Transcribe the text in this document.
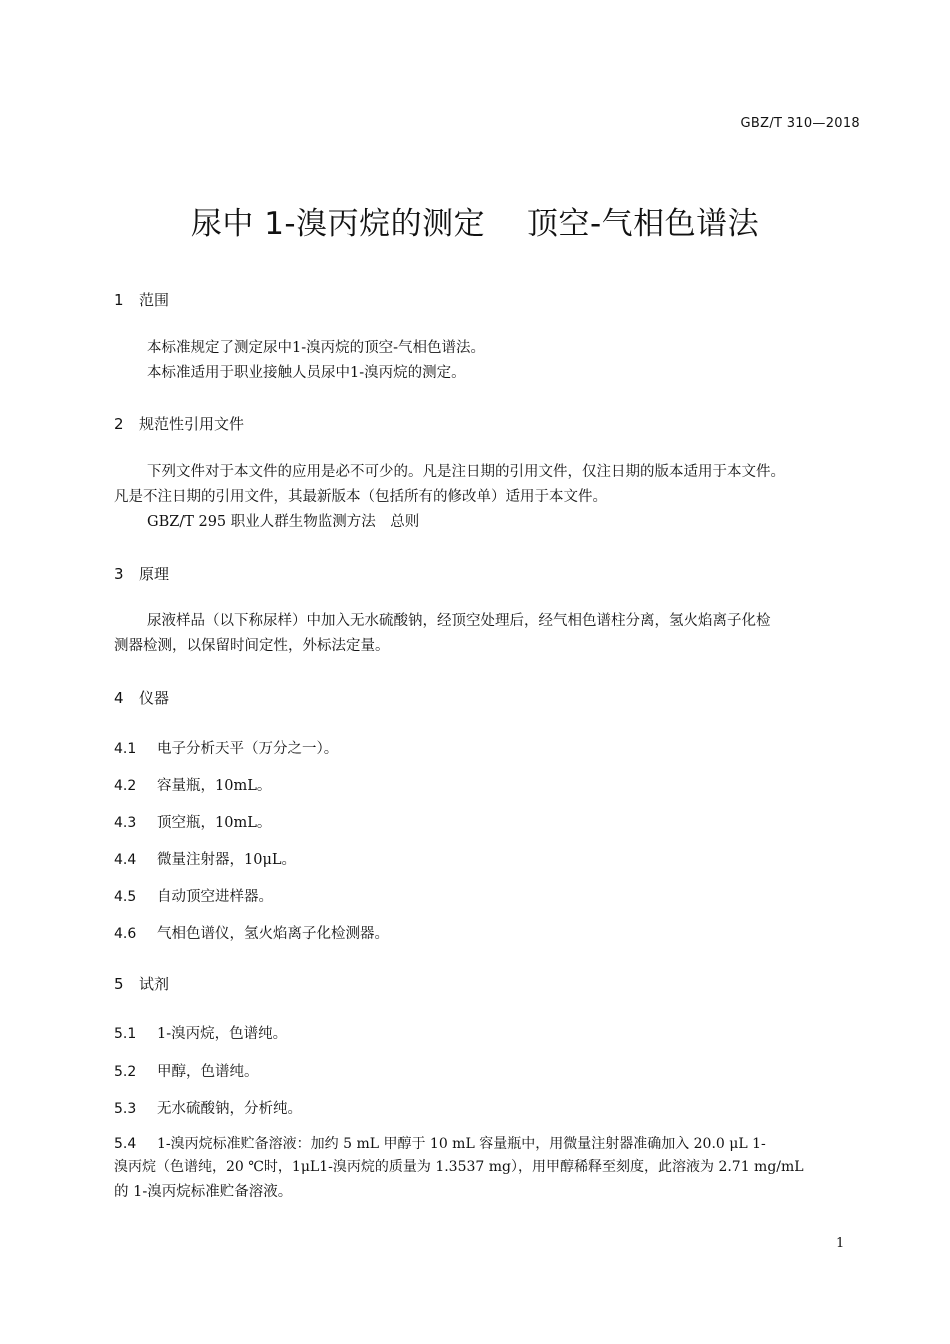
GBZ/T 310—2018
尿中 1-溴丙烷的测定　 顶空-气相色谱法
1 范围
本标准规定了测定尿中1-溴丙烷的顶空-气相色谱法。
本标准适用于职业接触人员尿中1-溴丙烷的测定。
2 规范性引用文件
下列文件对于本文件的应用是必不可少的。凡是注日期的引用文件，仅注日期的版本适用于本文件。
凡是不注日期的引用文件，其最新版本（包括所有的修改单）适用于本文件。
GBZ/T 295 职业人群生物监测方法　总则
3 原理
尿液样品（以下称尿样）中加入无水硫酸钠，经顶空处理后，经气相色谱柱分离，氢火焰离子化检
测器检测，以保留时间定性，外标法定量。
4 仪器
4.1 电子分析天平（万分之一）。
4.2 容量瓶，10mL。
4.3 顶空瓶，10mL。
4.4 微量注射器，10μL。
4.5 自动顶空进样器。
4.6 气相色谱仪，氢火焰离子化检测器。
5 试剂
5.1 1-溴丙烷，色谱纯。
5.2 甲醇，色谱纯。
5.3 无水硫酸钠，分析纯。
5.4 1-溴丙烷标准贮备溶液：加约 5 mL 甲醇于 10 mL 容量瓶中，用微量注射器准确加入 20.0 μL 1-
溴丙烷（色谱纯，20 ℃时，1μL1-溴丙烷的质量为 1.3537 mg），用甲醇稀释至刻度，此溶液为 2.71 mg/mL
的 1-溴丙烷标准贮备溶液。
1
